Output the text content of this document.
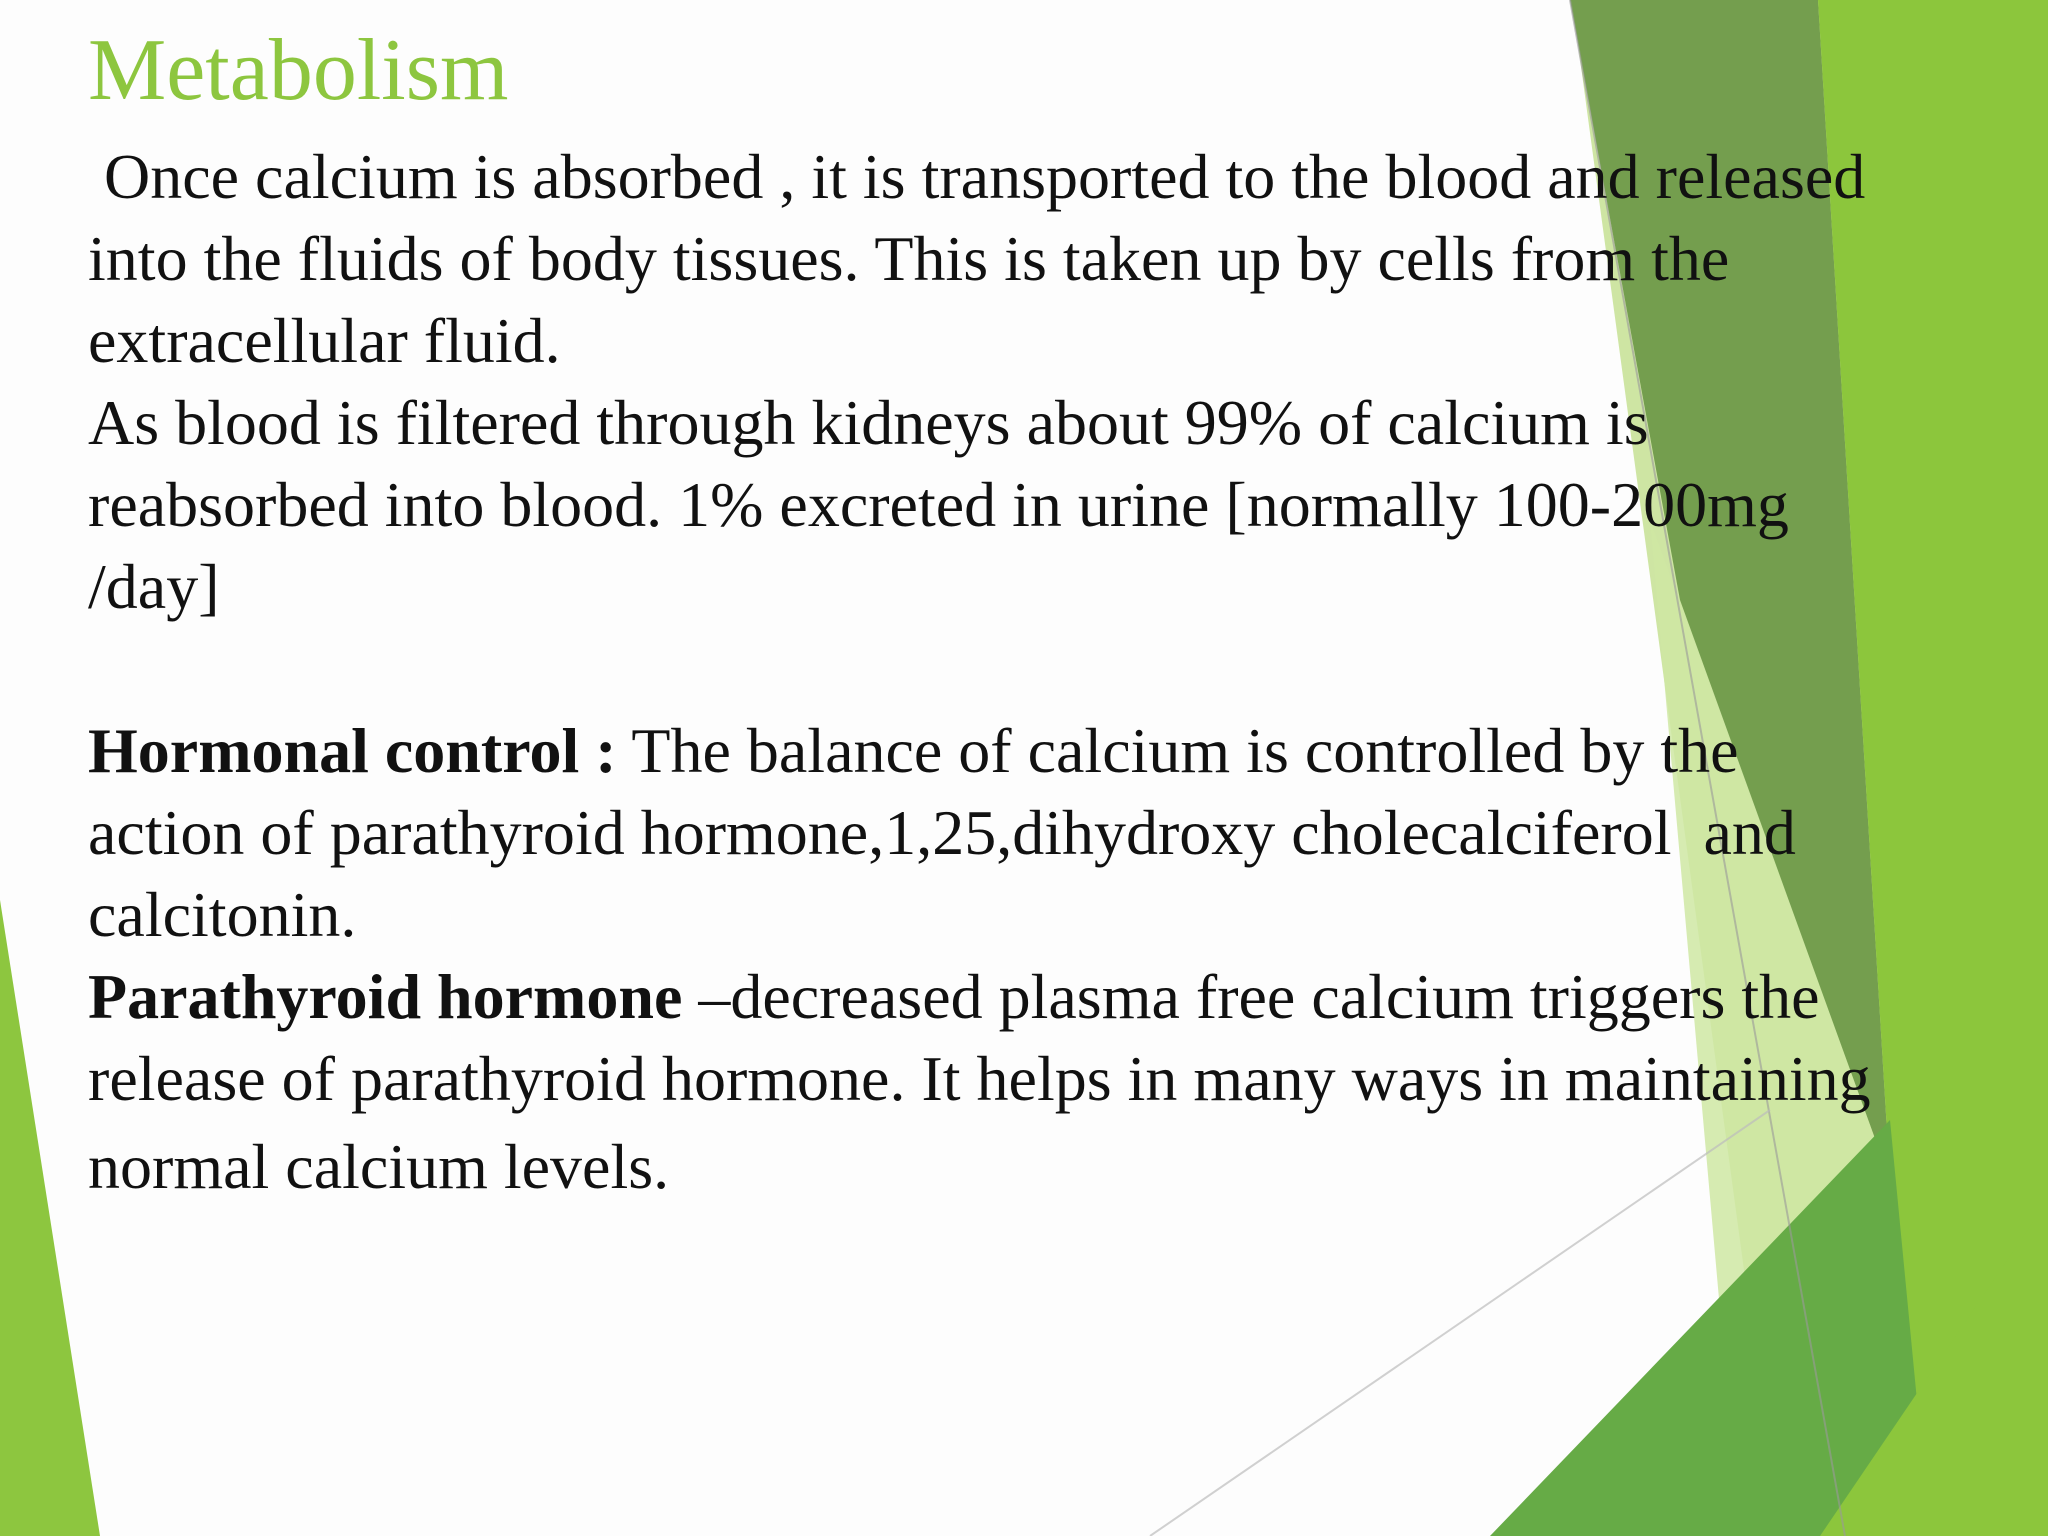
Metabolism

Once calcium is absorbed , it is transported to the blood and released

into the fluids of body tissues. This is taken up by cells from the

extracellular fluid.

As blood is filtered through kidneys about 99% of calcium is

reabsorbed into blood. 1% excreted in urine [normally 100-200mg

/day]

Hormonal control : The balance of calcium is controlled by the

action of parathyroid hormone,1,25,dihydroxy cholecalciferol  and

calcitonin.

Parathyroid hormone –decreased plasma free calcium triggers the

release of parathyroid hormone. It helps in many ways in maintaining

normal calcium levels.
